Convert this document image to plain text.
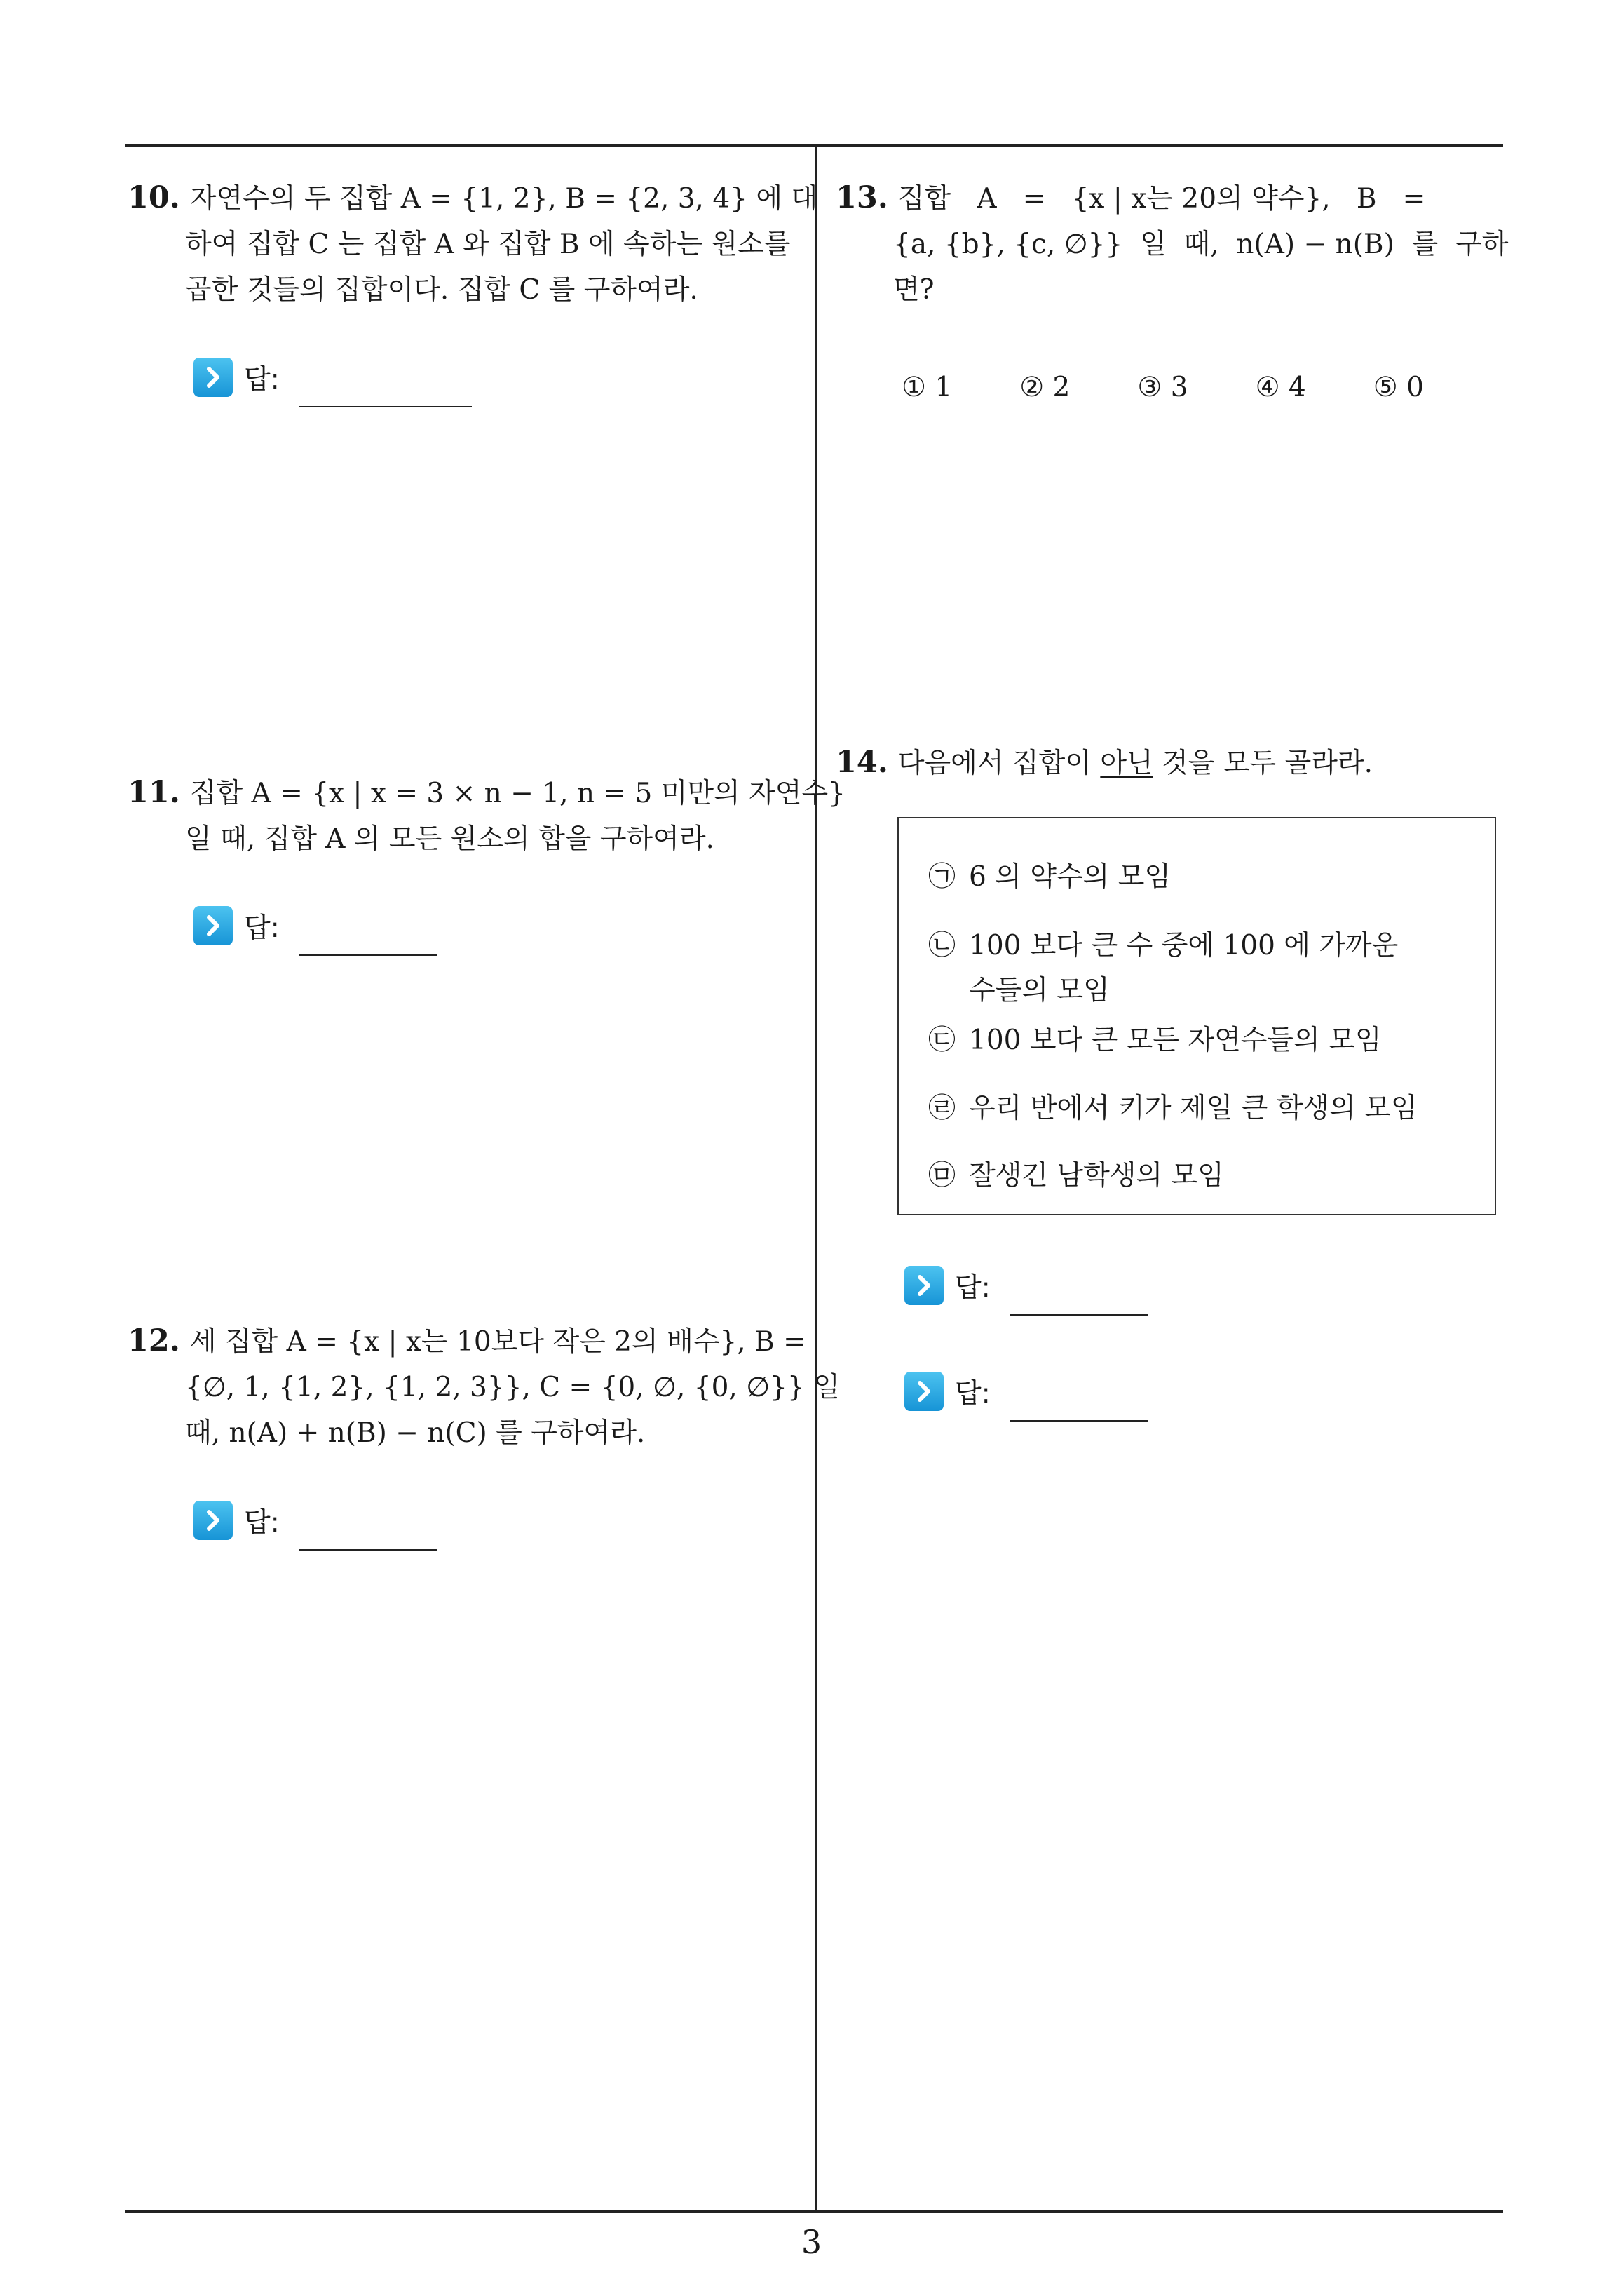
3
10. 자연수의 두 집합 A = {1, 2}, B = {2, 3, 4} 에 대
하여 집합 C 는 집합 A 와 집합 B 에 속하는 원소를
곱한 것들의 집합이다. 집합 C 를 구하여라.
답:
11. 집합 A = {x | x = 3 × n − 1, n = 5 미만의 자연수}
일 때, 집합 A 의 모든 원소의 합을 구하여라.
답:
12. 세 집합 A = {x | x는 10보다 작은 2의 배수}, B =
{∅, 1, {1, 2}, {1, 2, 3}}, C = {0, ∅, {0, ∅}} 일
때, n(A) + n(B) − n(C) 를 구하여라.
답:
13. 집합   A   =   {x | x는 20의 약수},   B   =
{a, {b}, {c, ∅}}  일  때,  n(A) − n(B)  를  구하
면?
① 1 ② 2 ③ 3 ④ 4 ⑤ 0
14. 다음에서 집합이 아닌 것을 모두 골라라.
㉠ 6 의 약수의 모임
㉡ 100 보다 큰 수 중에 100 에 가까운
수들의 모임
㉢ 100 보다 큰 모든 자연수들의 모임
㉣ 우리 반에서 키가 제일 큰 학생의 모임
㉤ 잘생긴 남학생의 모임
답:
답:
